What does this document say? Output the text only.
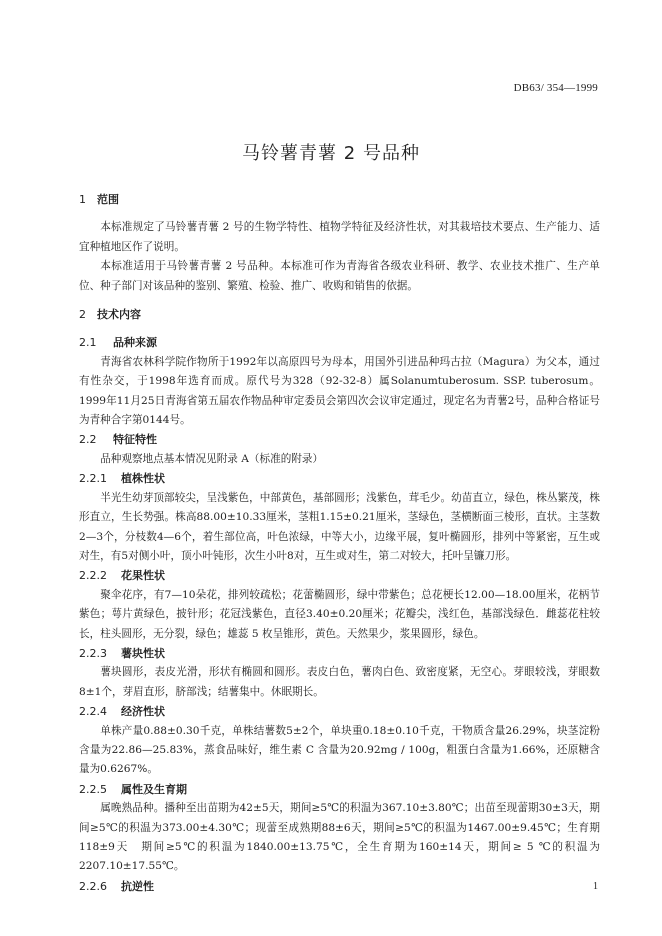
DB63/ 354—1999
马铃薯青薯 2 号品种
1 范围

本标准规定了马铃薯青薯 2 号的生物学特性、植物学特征及经济性状，对其栽培技术要点、生产能力、适宜种植地区作了说明。

本标准适用于马铃薯青薯 2 号品种。本标准可作为青海省各级农业科研、教学、农业技术推广、生产单位、种子部门对该品种的鉴别、繁殖、检验、推广、收购和销售的依据。

2 技术内容
2.1 品种来源

青海省农林科学院作物所于1992年以高原四号为母本，用国外引进品种玛古拉（Magura）为父本，通过有性杂交，于1998年选育而成。原代号为328（92-32-8）属Solanumtuberosum. SSP. tuberosum。1999年11月25日青海省第五届农作物品种审定委员会第四次会议审定通过，现定名为青薯2号，品种合格证号为青种合字第0144号。

2.2 特征特性

品种观察地点基本情况见附录 A（标准的附录）

2.2.1 植株性状

半光生幼芽顶部较尖，呈浅紫色，中部黄色，基部圆形；浅紫色，茸毛少。幼苗直立，绿色，株丛繁茂，株形直立，生长势强。株高88.00±10.33厘米，茎粗1.15±0.21厘米，茎绿色，茎横断面三棱形，直状。主茎数2—3个，分枝数4—6个，着生部位高，叶色浓绿，中等大小，边缘平展，复叶椭圆形，排列中等紧密，互生或对生，有5对侧小叶，顶小叶钝形，次生小叶8对，互生或对生，第二对较大，托叶呈镰刀形。

2.2.2 花果性状

聚伞花序，有7—10朵花，排列较疏松；花蕾椭圆形，绿中带紫色；总花梗长12.00—18.00厘米，花柄节紫色；萼片黄绿色，披针形；花冠浅紫色，直径3.40±0.20厘米；花瓣尖，浅红色，基部浅绿色．雌蕊花柱较长，柱头圆形，无分裂，绿色；雄蕊 5 枚呈锥形，黄色。天然果少，浆果圆形，绿色。

2.2.3 薯块性状

薯块圆形，表皮光滑，形状有椭圆和圆形。表皮白色，薯肉白色、致密度紧，无空心。芽眼较浅，芽眼数8±1个，芽眉直形，脐部浅；结薯集中。休眠期长。

2.2.4 经济性状

单株产量0.88±0.30千克，单株结薯数5±2个，单块重0.18±0.10千克，干物质含量26.29%，块茎淀粉含量为22.86—25.83%，蒸食品味好，维生素 C 含量为20.92mg / 100g，粗蛋白含量为1.66%，还原糖含量为0.6267%。

2.2.5 属性及生育期

属晚熟品种。播种至出苗期为42±5天，期间≥5℃的积温为367.10±3.80℃；出苗至现蕾期30±3天，期间≥5℃的积温为373.00±4.30℃；现蕾至成熟期88±6天，期间≥5℃的积温为1467.00±9.45℃；生育期118±9天　期间≥5℃的积温为1840.00±13.75℃，全生育期为160±14天，期间≥ 5 ℃的积温为2207.10±17.55℃。

2.2.6 抗逆性	1
